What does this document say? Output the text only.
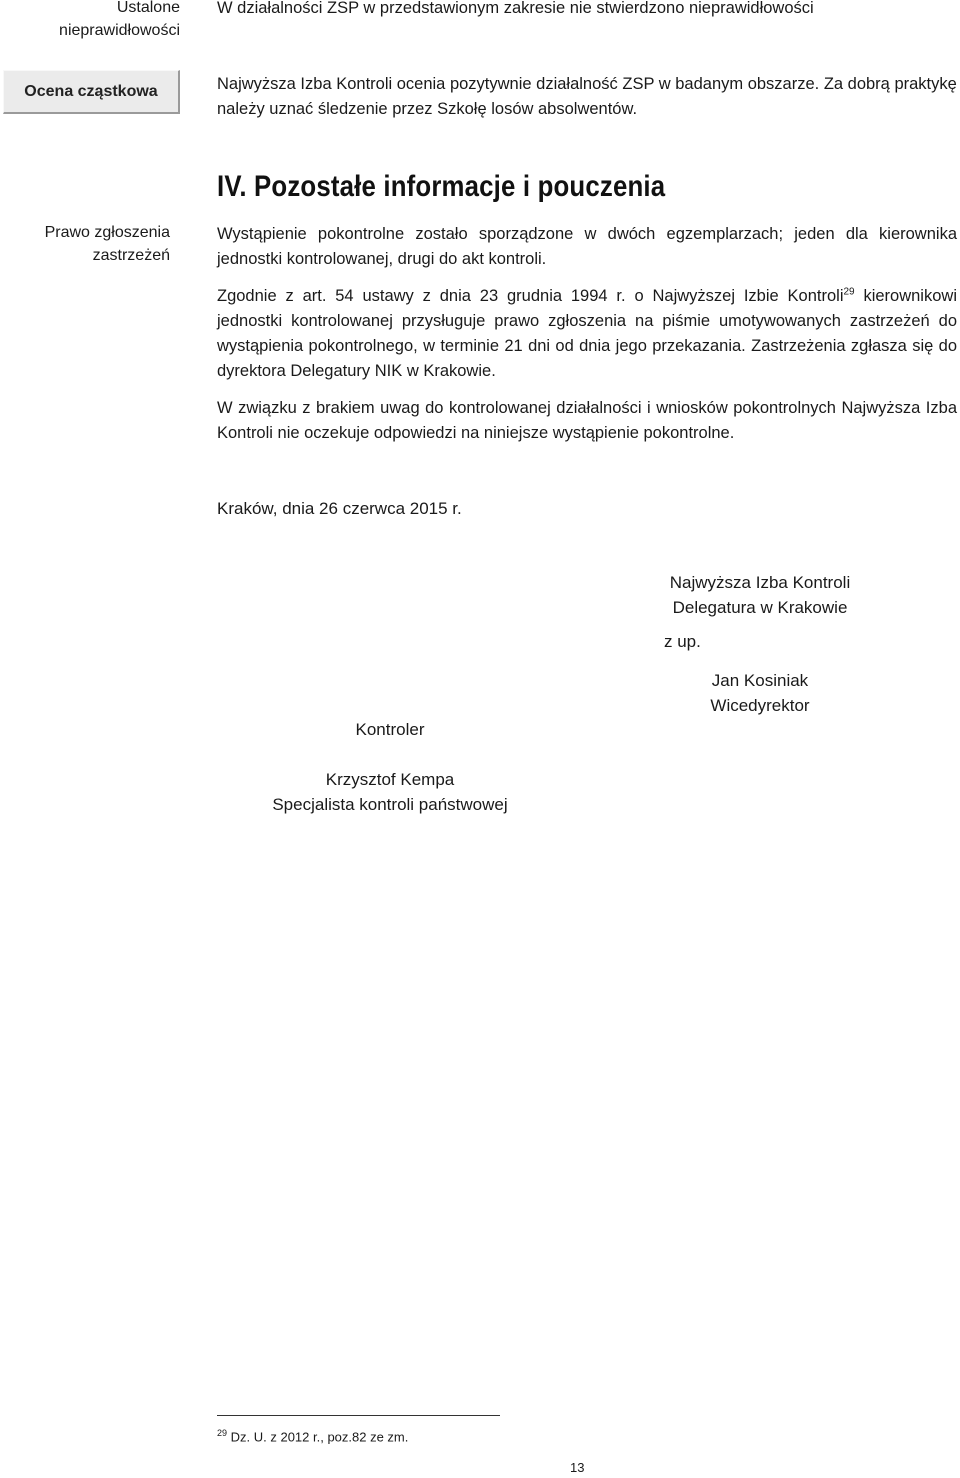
Ustalone
nieprawidłowości
Ocena cząstkowa
Prawo zgłoszenia
zastrzeżeń
W działalności ZSP w przedstawionym zakresie nie stwierdzono nieprawidłowości
Najwyższa Izba Kontroli ocenia pozytywnie działalność ZSP w badanym obszarze. Za dobrą praktykę należy uznać śledzenie przez Szkołę losów absolwentów.
IV. Pozostałe informacje i pouczenia
Wystąpienie pokontrolne zostało sporządzone w dwóch egzemplarzach; jeden dla kierownika jednostki kontrolowanej, drugi do akt kontroli.
Zgodnie z art. 54 ustawy z dnia 23 grudnia 1994 r. o Najwyższej Izbie Kontroli$^{29}$ kierownikowi jednostki kontrolowanej przysługuje prawo zgłoszenia na piśmie umotywowanych zastrzeżeń do wystąpienia pokontrolnego, w terminie 21 dni od dnia jego przekazania. Zastrzeżenia zgłasza się do dyrektora Delegatury NIK w Krakowie.
W związku z brakiem uwag do kontrolowanej działalności i wniosków pokontrolnych Najwyższa Izba Kontroli nie oczekuje odpowiedzi na niniejsze wystąpienie pokontrolne.
Kraków, dnia 26 czerwca 2015 r.
Najwyższa Izba Kontroli
Delegatura w Krakowie
z up.
Jan Kosiniak
Wicedyrektor
Kontroler
Krzysztof Kempa
Specjalista kontroli państwowej
$^{29}$ Dz. U. z 2012 r., poz.82 ze zm.
13
